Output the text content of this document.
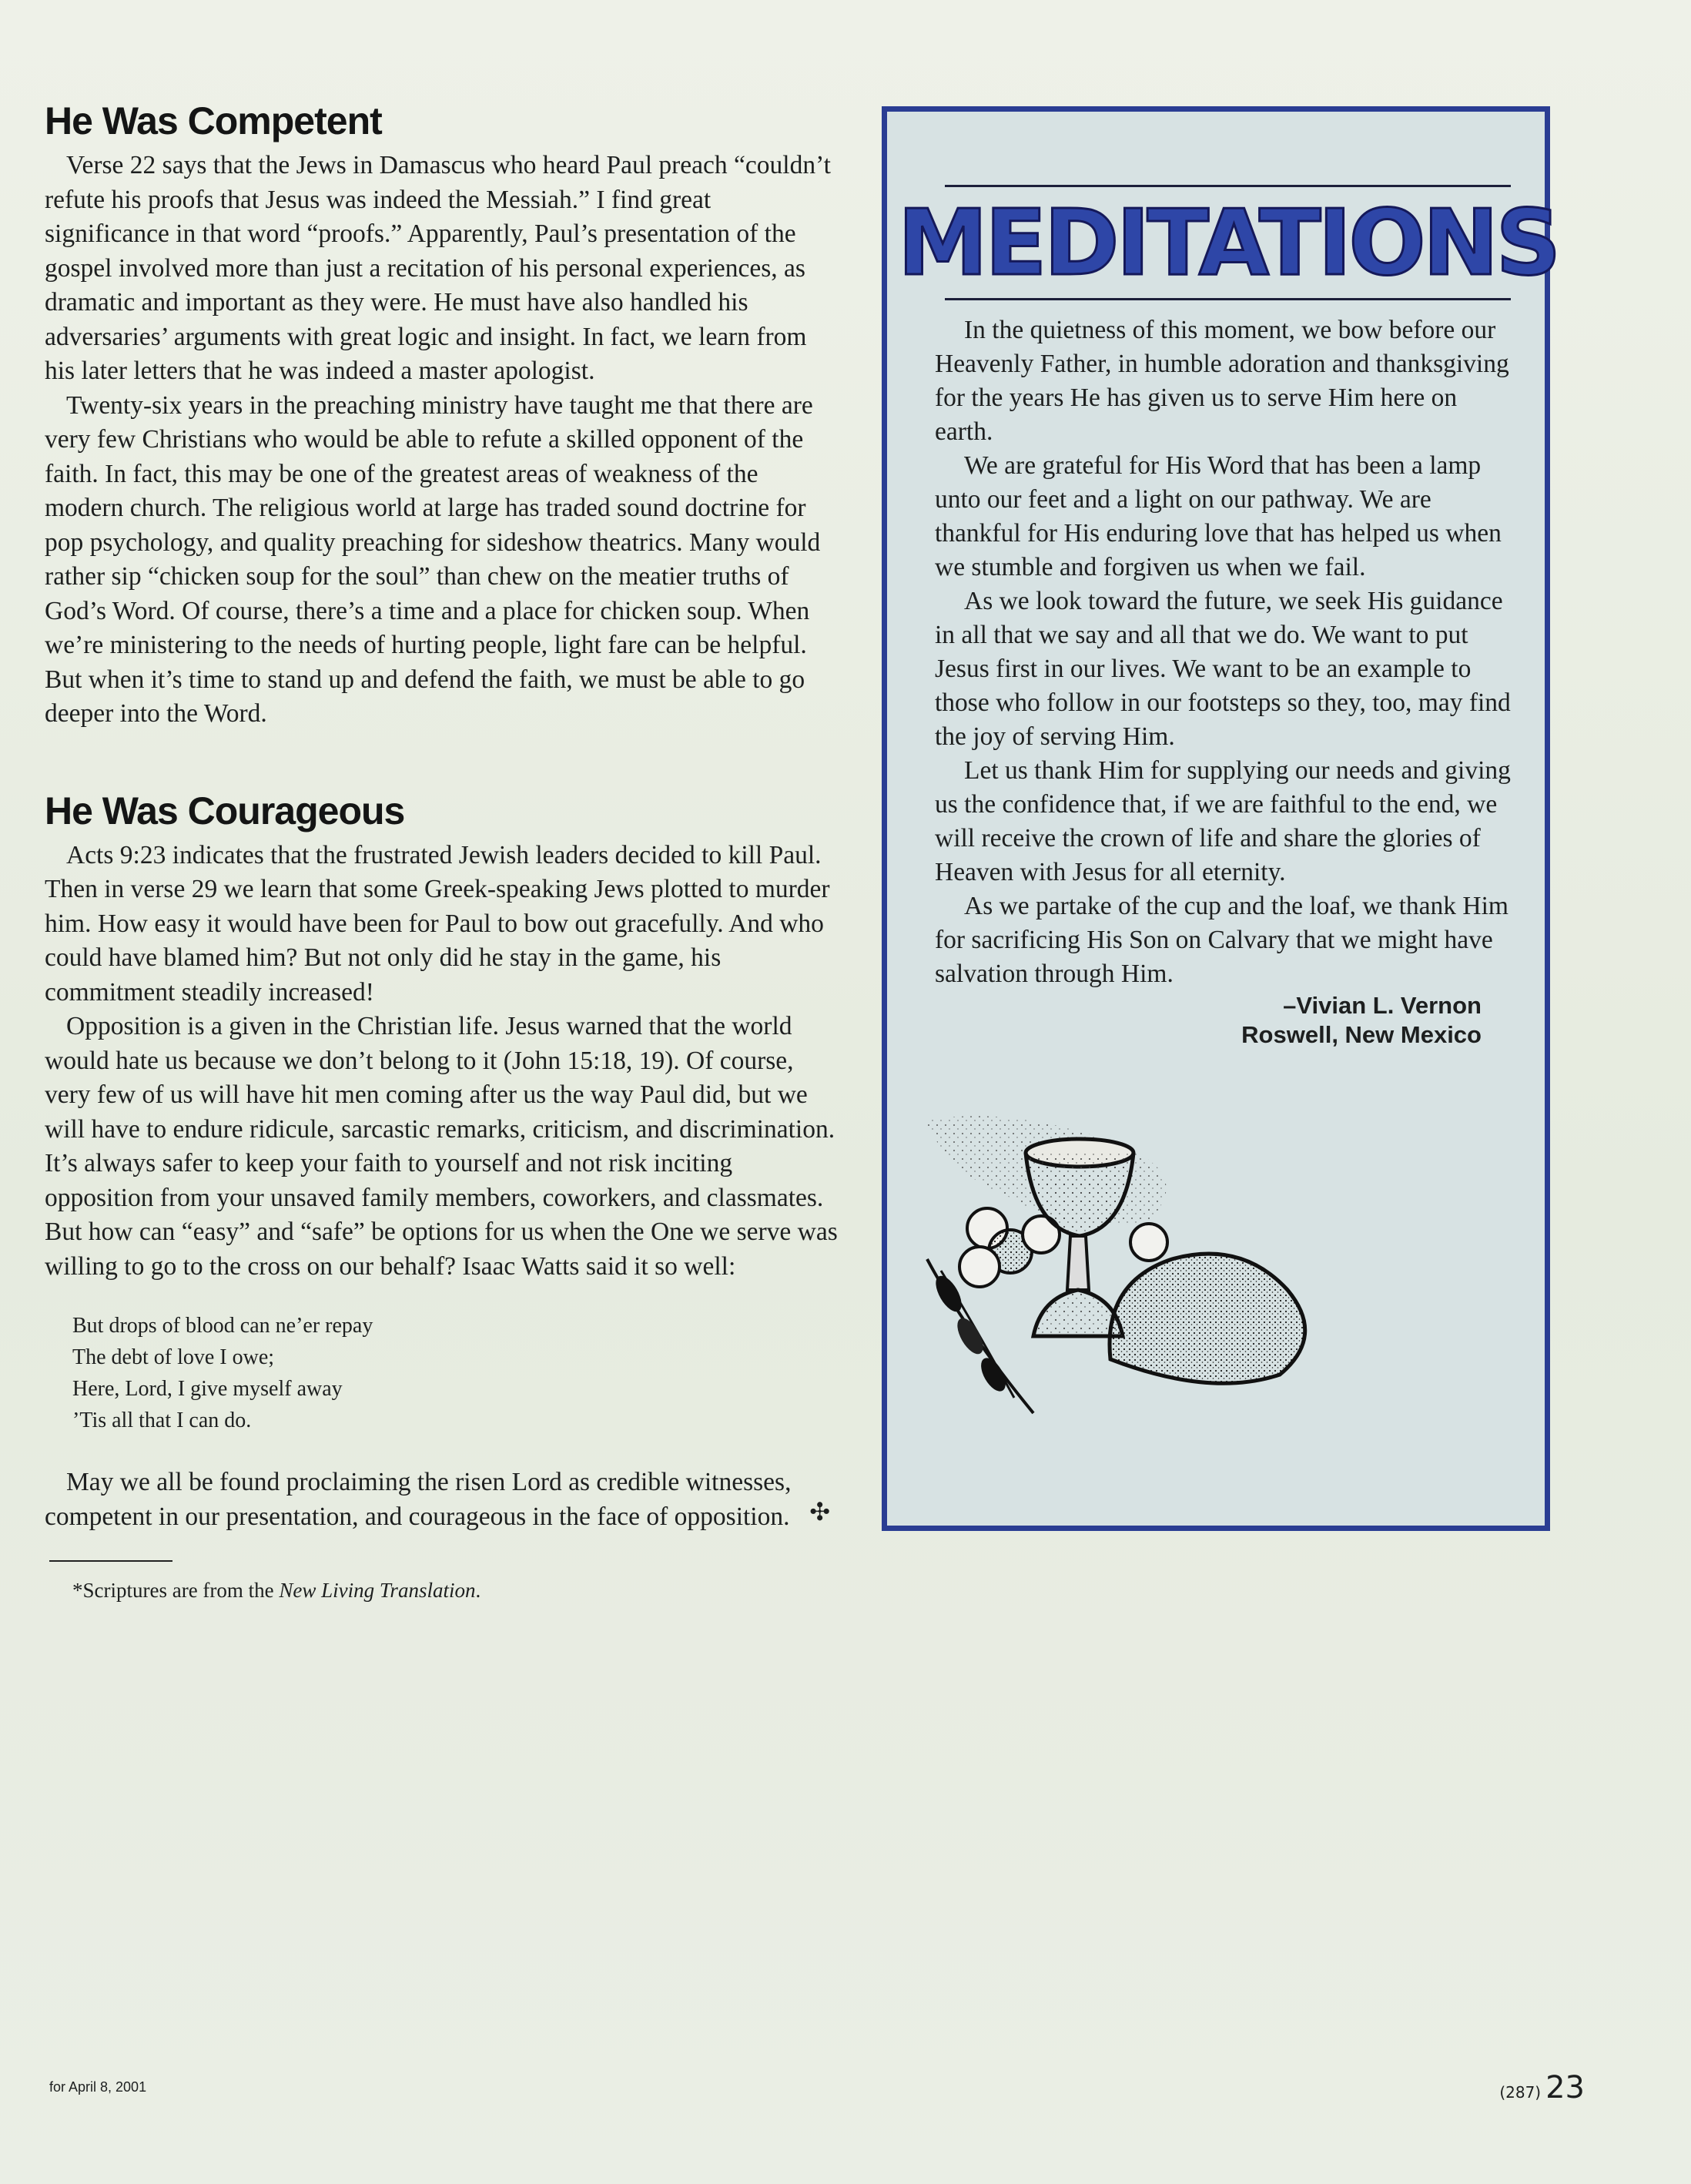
He Was Competent

Verse 22 says that the Jews in Damascus who heard Paul preach “couldn’t refute his proofs that Jesus was indeed the Messiah.” I find great significance in that word “proofs.” Apparently, Paul’s presentation of the gospel involved more than just a recitation of his personal experiences, as dramatic and important as they were. He must have also handled his adversaries’ arguments with great logic and insight. In fact, we learn from his later letters that he was indeed a master apologist.

Twenty-six years in the preaching ministry have taught me that there are very few Christians who would be able to refute a skilled opponent of the faith. In fact, this may be one of the greatest areas of weakness of the modern church. The religious world at large has traded sound doctrine for pop psychology, and quality preaching for sideshow theatrics. Many would rather sip “chicken soup for the soul” than chew on the meatier truths of God’s Word. Of course, there’s a time and a place for chicken soup. When we’re ministering to the needs of hurting people, light fare can be helpful. But when it’s time to stand up and defend the faith, we must be able to go deeper into the Word.

He Was Courageous

Acts 9:23 indicates that the frustrated Jewish leaders decided to kill Paul. Then in verse 29 we learn that some Greek-speaking Jews plotted to murder him. How easy it would have been for Paul to bow out gracefully. And who could have blamed him? But not only did he stay in the game, his commitment steadily increased!

Opposition is a given in the Christian life. Jesus warned that the world would hate us because we don’t belong to it (John 15:18, 19). Of course, very few of us will have hit men coming after us the way Paul did, but we will have to endure ridicule, sarcastic remarks, criticism, and discrimination. It’s always safer to keep your faith to yourself and not risk inciting opposition from your unsaved family members, coworkers, and classmates. But how can “easy” and “safe” be options for us when the One we serve was willing to go to the cross on our behalf? Isaac Watts said it so well:

But drops of blood can ne’er repay
The debt of love I owe;
Here, Lord, I give myself away
’Tis all that I can do.

May we all be found proclaiming the risen Lord as credible witnesses, competent in our presentation, and courageous in the face of opposition. ✣

*Scriptures are from the New Living Translation.

MEDITATIONS

In the quietness of this moment, we bow before our Heavenly Father, in humble adoration and thanksgiving for the years He has given us to serve Him here on earth.

We are grateful for His Word that has been a lamp unto our feet and a light on our pathway. We are thankful for His enduring love that has helped us when we stumble and forgiven us when we fail.

As we look toward the future, we seek His guidance in all that we say and all that we do. We want to put Jesus first in our lives. We want to be an example to those who follow in our footsteps so they, too, may find the joy of serving Him.

Let us thank Him for supplying our needs and giving us the confidence that, if we are faithful to the end, we will receive the crown of life and share the glories of Heaven with Jesus for all eternity.

As we partake of the cup and the loaf, we thank Him for sacrificing His Son on Calvary that we might have salvation through Him.

–Vivian L. Vernon
Roswell, New Mexico
for April 8, 2001	(287) 23
